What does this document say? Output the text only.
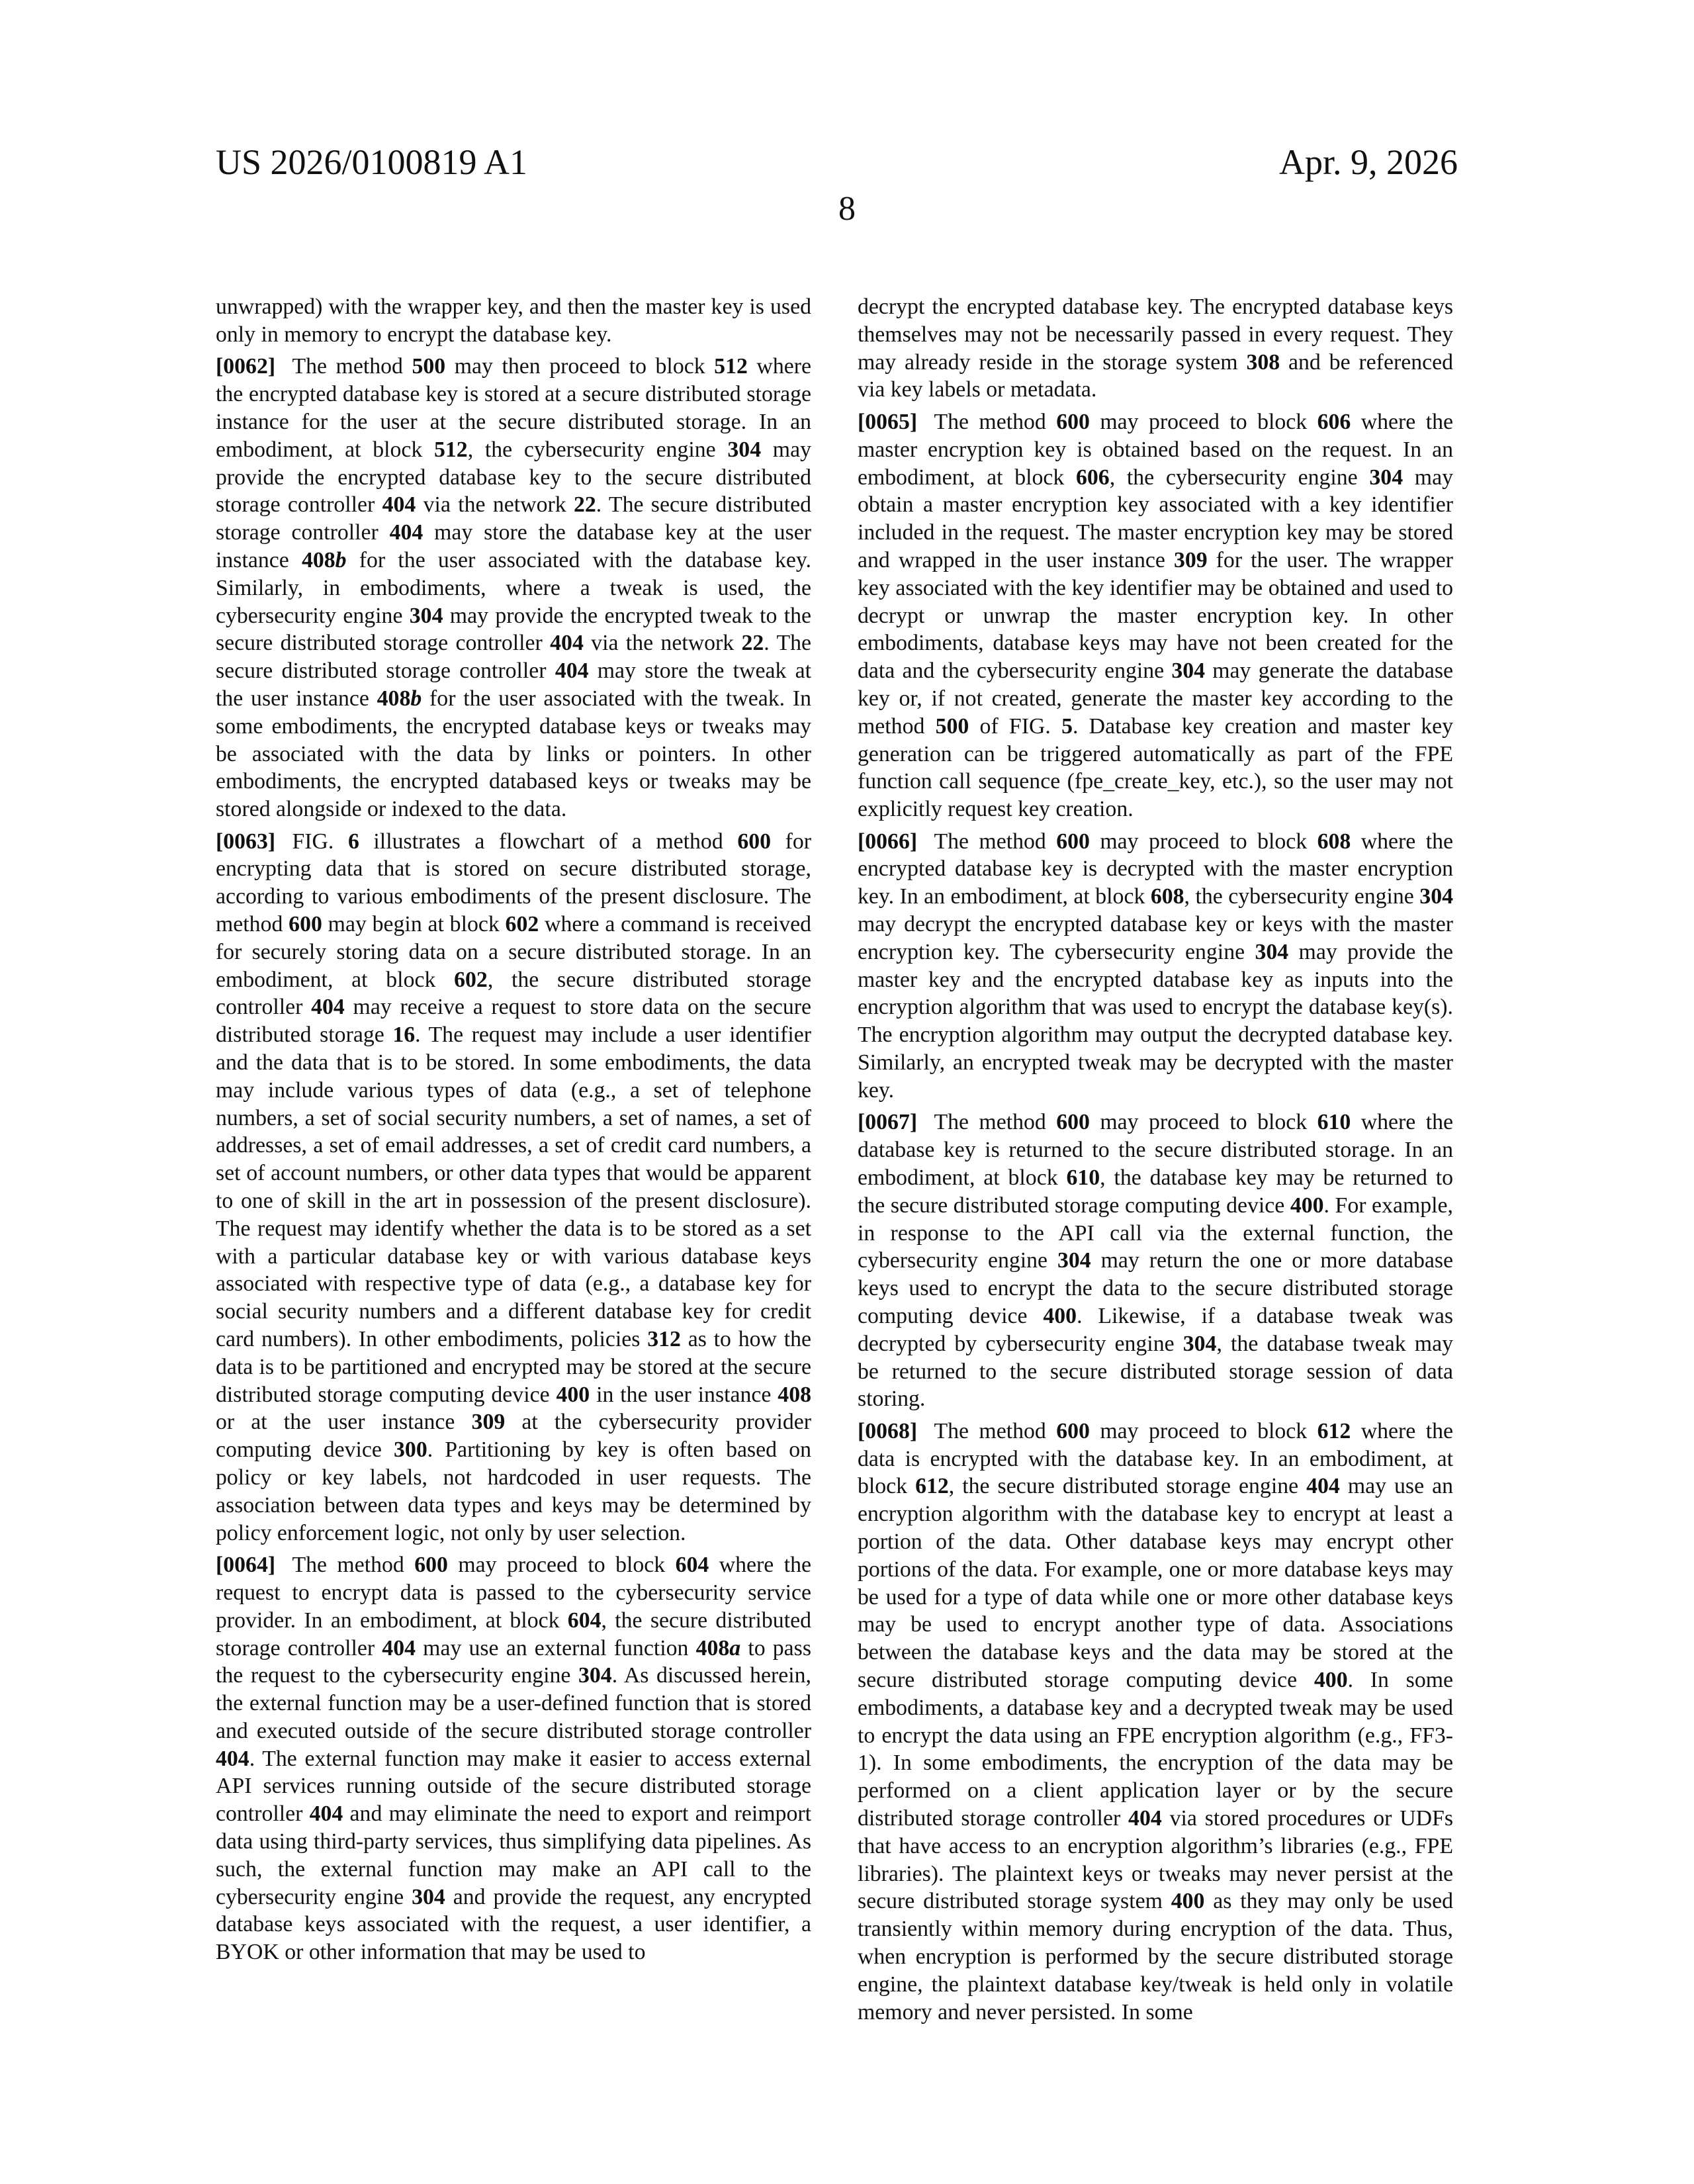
US 2026/0100819 A1	Apr. 9, 2026
8

unwrapped) with the wrapper key, and then the master key is used only in memory to encrypt the database key.

[0062] The method 500 may then proceed to block 512 where the encrypted database key is stored at a secure distributed storage instance for the user at the secure distributed storage. In an embodiment, at block 512, the cybersecurity engine 304 may provide the encrypted database key to the secure distributed storage controller 404 via the network 22. The secure distributed storage controller 404 may store the database key at the user instance 408b for the user associated with the database key. Similarly, in embodiments, where a tweak is used, the cybersecurity engine 304 may provide the encrypted tweak to the secure distributed storage controller 404 via the network 22. The secure distributed storage controller 404 may store the tweak at the user instance 408b for the user associated with the tweak. In some embodiments, the encrypted database keys or tweaks may be associated with the data by links or pointers. In other embodiments, the encrypted databased keys or tweaks may be stored alongside or indexed to the data.

[0063] FIG. 6 illustrates a flowchart of a method 600 for encrypting data that is stored on secure distributed storage, according to various embodiments of the present disclosure. The method 600 may begin at block 602 where a command is received for securely storing data on a secure distributed storage. In an embodiment, at block 602, the secure distributed storage controller 404 may receive a request to store data on the secure distributed storage 16. The request may include a user identifier and the data that is to be stored. In some embodiments, the data may include various types of data (e.g., a set of telephone numbers, a set of social security numbers, a set of names, a set of addresses, a set of email addresses, a set of credit card numbers, a set of account numbers, or other data types that would be apparent to one of skill in the art in possession of the present disclosure). The request may identify whether the data is to be stored as a set with a particular database key or with various database keys associated with respective type of data (e.g., a database key for social security numbers and a different database key for credit card numbers). In other embodiments, policies 312 as to how the data is to be partitioned and encrypted may be stored at the secure distributed storage computing device 400 in the user instance 408 or at the user instance 309 at the cybersecurity provider computing device 300. Partitioning by key is often based on policy or key labels, not hardcoded in user requests. The association between data types and keys may be determined by policy enforcement logic, not only by user selection.

[0064] The method 600 may proceed to block 604 where the request to encrypt data is passed to the cybersecurity service provider. In an embodiment, at block 604, the secure distributed storage controller 404 may use an external function 408a to pass the request to the cybersecurity engine 304. As discussed herein, the external function may be a user-defined function that is stored and executed outside of the secure distributed storage controller 404. The external function may make it easier to access external API services running outside of the secure distributed storage controller 404 and may eliminate the need to export and reimport data using third-party services, thus simplifying data pipelines. As such, the external function may make an API call to the cybersecurity engine 304 and provide the request, any encrypted database keys associated with the request, a user identifier, a BYOK or other information that may be used to

decrypt the encrypted database key. The encrypted database keys themselves may not be necessarily passed in every request. They may already reside in the storage system 308 and be referenced via key labels or metadata.

[0065] The method 600 may proceed to block 606 where the master encryption key is obtained based on the request. In an embodiment, at block 606, the cybersecurity engine 304 may obtain a master encryption key associated with a key identifier included in the request. The master encryption key may be stored and wrapped in the user instance 309 for the user. The wrapper key associated with the key identifier may be obtained and used to decrypt or unwrap the master encryption key. In other embodiments, database keys may have not been created for the data and the cybersecurity engine 304 may generate the database key or, if not created, generate the master key according to the method 500 of FIG. 5. Database key creation and master key generation can be triggered automatically as part of the FPE function call sequence (fpe_create_key, etc.), so the user may not explicitly request key creation.

[0066] The method 600 may proceed to block 608 where the encrypted database key is decrypted with the master encryption key. In an embodiment, at block 608, the cybersecurity engine 304 may decrypt the encrypted database key or keys with the master encryption key. The cybersecurity engine 304 may provide the master key and the encrypted database key as inputs into the encryption algorithm that was used to encrypt the database key(s). The encryption algorithm may output the decrypted database key. Similarly, an encrypted tweak may be decrypted with the master key.

[0067] The method 600 may proceed to block 610 where the database key is returned to the secure distributed storage. In an embodiment, at block 610, the database key may be returned to the secure distributed storage computing device 400. For example, in response to the API call via the external function, the cybersecurity engine 304 may return the one or more database keys used to encrypt the data to the secure distributed storage computing device 400. Likewise, if a database tweak was decrypted by cybersecurity engine 304, the database tweak may be returned to the secure distributed storage session of data storing.

[0068] The method 600 may proceed to block 612 where the data is encrypted with the database key. In an embodiment, at block 612, the secure distributed storage engine 404 may use an encryption algorithm with the database key to encrypt at least a portion of the data. Other database keys may encrypt other portions of the data. For example, one or more database keys may be used for a type of data while one or more other database keys may be used to encrypt another type of data. Associations between the database keys and the data may be stored at the secure distributed storage computing device 400. In some embodiments, a database key and a decrypted tweak may be used to encrypt the data using an FPE encryption algorithm (e.g., FF3-1). In some embodiments, the encryption of the data may be performed on a client application layer or by the secure distributed storage controller 404 via stored procedures or UDFs that have access to an encryption algorithm’s libraries (e.g., FPE libraries). The plaintext keys or tweaks may never persist at the secure distributed storage system 400 as they may only be used transiently within memory during encryption of the data. Thus, when encryption is performed by the secure distributed storage engine, the plaintext database key/tweak is held only in volatile memory and never persisted. In some
